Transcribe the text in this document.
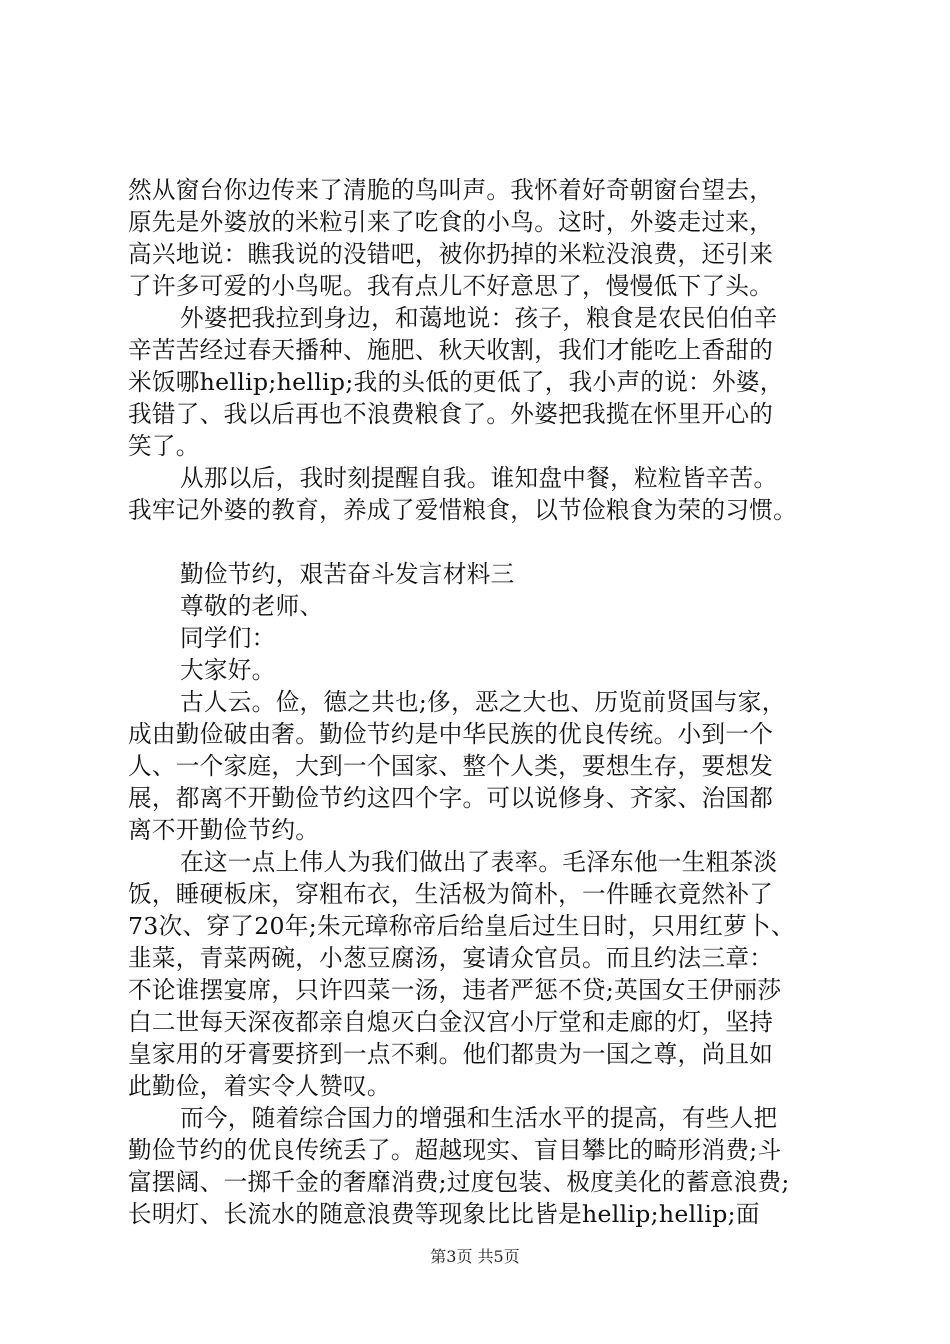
然从窗台你边传来了清脆的鸟叫声。我怀着好奇朝窗台望去，
原先是外婆放的米粒引来了吃食的小鸟。这时，外婆走过来，
高兴地说：瞧我说的没错吧，被你扔掉的米粒没浪费，还引来
了许多可爱的小鸟呢。我有点儿不好意思了，慢慢低下了头。
外婆把我拉到身边，和蔼地说：孩子，粮食是农民伯伯辛
辛苦苦经过春天播种、施肥、秋天收割，我们才能吃上香甜的
米饭哪hellip;hellip;我的头低的更低了，我小声的说：外婆，
我错了、我以后再也不浪费粮食了。外婆把我揽在怀里开心的
笑了。
从那以后，我时刻提醒自我。谁知盘中餐，粒粒皆辛苦。
我牢记外婆的教育，养成了爱惜粮食，以节俭粮食为荣的习惯。
勤俭节约，艰苦奋斗发言材料三
尊敬的老师、
同学们：
大家好。
古人云。俭，德之共也;侈，恶之大也、历览前贤国与家，
成由勤俭破由奢。勤俭节约是中华民族的优良传统。小到一个
人、一个家庭，大到一个国家、整个人类，要想生存，要想发
展，都离不开勤俭节约这四个字。可以说修身、齐家、治国都
离不开勤俭节约。
在这一点上伟人为我们做出了表率。毛泽东他一生粗茶淡
饭，睡硬板床，穿粗布衣，生活极为简朴，一件睡衣竟然补了
73次、穿了20年;朱元璋称帝后给皇后过生日时，只用红萝卜、
韭菜，青菜两碗，小葱豆腐汤，宴请众官员。而且约法三章：
不论谁摆宴席，只许四菜一汤，违者严惩不贷;英国女王伊丽莎
白二世每天深夜都亲自熄灭白金汉宫小厅堂和走廊的灯，坚持
皇家用的牙膏要挤到一点不剩。他们都贵为一国之尊，尚且如
此勤俭，着实令人赞叹。
而今，随着综合国力的增强和生活水平的提高，有些人把
勤俭节约的优良传统丢了。超越现实、盲目攀比的畸形消费;斗
富摆阔、一掷千金的奢靡消费;过度包装、极度美化的蓄意浪费;
长明灯、长流水的随意浪费等现象比比皆是hellip;hellip;面
第3页 共5页
